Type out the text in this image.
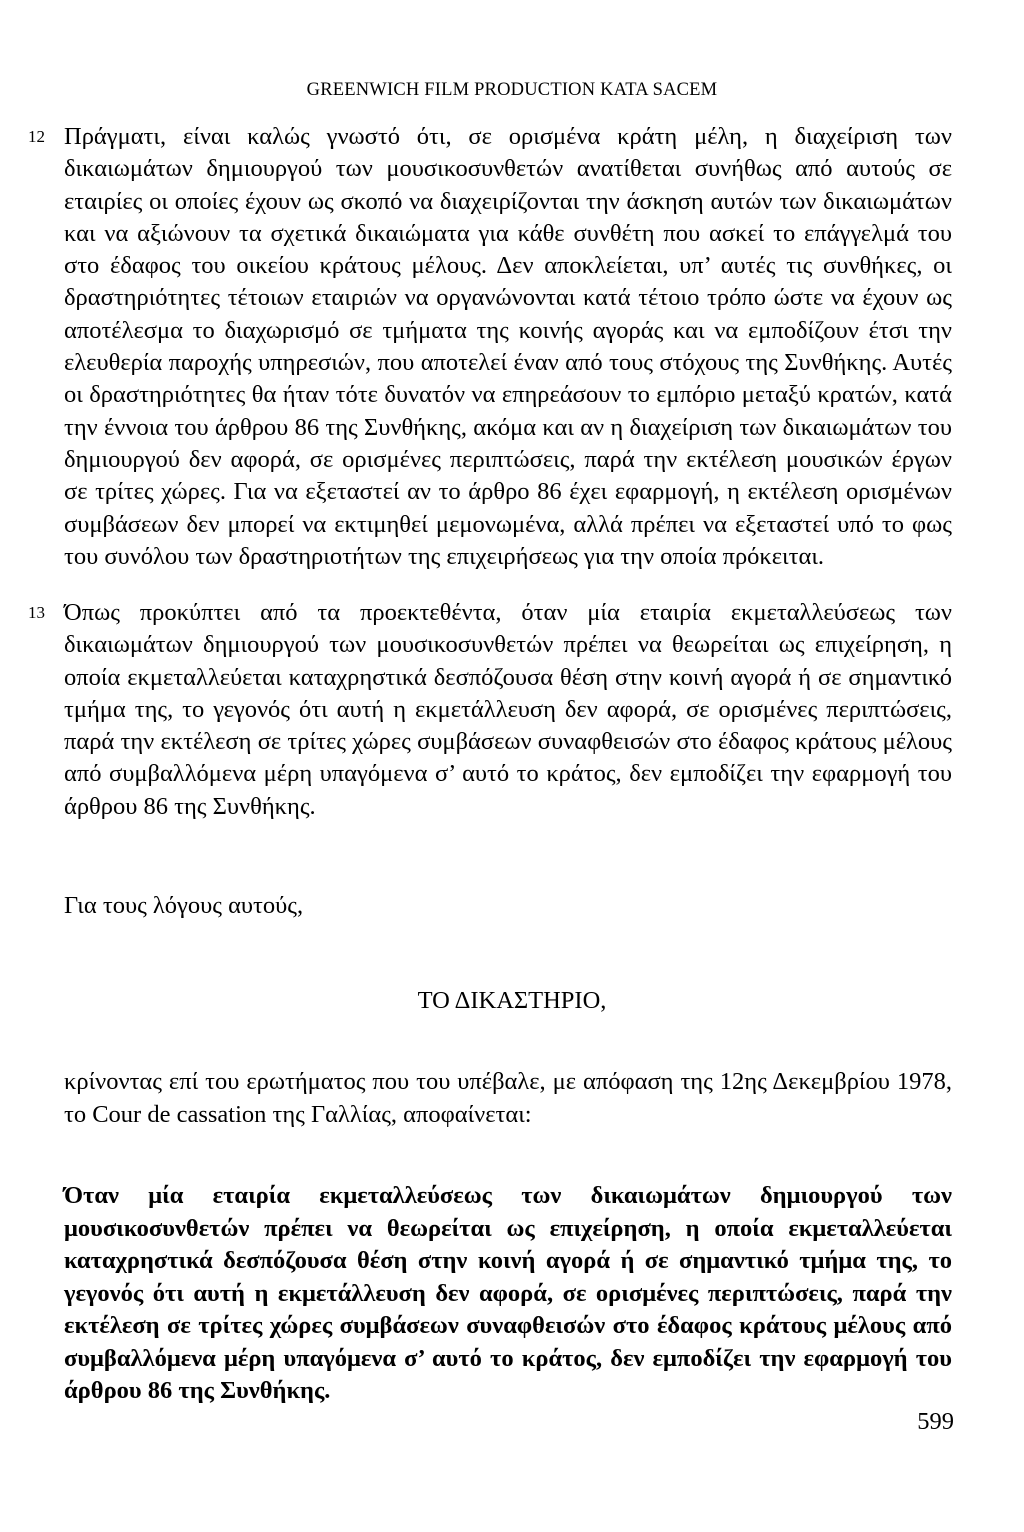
GREENWICH FILM PRODUCTION ΚΑΤΑ SACEM
12 Πράγματι, είναι καλώς γνωστό ότι, σε ορισμένα κράτη μέλη, η διαχείριση των δικαιωμάτων δημιουργού των μουσικοσυνθετών ανατίθεται συνήθως από αυτούς σε εταιρίες οι οποίες έχουν ως σκοπό να διαχειρίζονται την άσκηση αυτών των δικαιωμάτων και να αξιώνουν τα σχετικά δικαιώματα για κάθε συνθέτη που ασκεί το επάγγελμά του στο έδαφος του οικείου κράτους μέλους. Δεν αποκλείεται, υπ’ αυτές τις συνθήκες, οι δραστηριότητες τέτοιων εταιριών να οργανώνονται κατά τέτοιο τρόπο ώστε να έχουν ως αποτέλεσμα το διαχωρισμό σε τμήματα της κοινής αγοράς και να εμποδίζουν έτσι την ελευθερία παροχής υπηρεσιών, που αποτελεί έναν από τους στόχους της Συνθήκης. Αυτές οι δραστηριότητες θα ήταν τότε δυνατόν να επηρεάσουν το εμπόριο μεταξύ κρατών, κατά την έννοια του άρθρου 86 της Συνθήκης, ακόμα και αν η διαχείριση των δικαιωμάτων του δημιουργού δεν αφορά, σε ορισμένες περιπτώσεις, παρά την εκτέλεση μουσικών έργων σε τρίτες χώρες. Για να εξεταστεί αν το άρθρο 86 έχει εφαρμογή, η εκτέλεση ορισμένων συμβάσεων δεν μπορεί να εκτιμηθεί μεμονωμένα, αλλά πρέπει να εξεταστεί υπό το φως του συνόλου των δραστηριοτήτων της επιχειρήσεως για την οποία πρόκειται.

13 Όπως προκύπτει από τα προεκτεθέντα, όταν μία εταιρία εκμεταλλεύσεως των δικαιωμάτων δημιουργού των μουσικοσυνθετών πρέπει να θεωρείται ως επιχείρηση, η οποία εκμεταλλεύεται καταχρηστικά δεσπόζουσα θέση στην κοινή αγορά ή σε σημαντικό τμήμα της, το γεγονός ότι αυτή η εκμετάλλευση δεν αφορά, σε ορισμένες περιπτώσεις, παρά την εκτέλεση σε τρίτες χώρες συμβάσεων συναφθεισών στο έδαφος κράτους μέλους από συμβαλλόμενα μέρη υπαγόμενα σ’ αυτό το κράτος, δεν εμποδίζει την εφαρμογή του άρθρου 86 της Συνθήκης.

Για τους λόγους αυτούς,

ΤΟ ΔΙΚΑΣΤΗΡΙΟ,

κρίνοντας επί του ερωτήματος που του υπέβαλε, με απόφαση της 12ης Δεκεμβρίου 1978, το Cour de cassation της Γαλλίας, αποφαίνεται:

Όταν μία εταιρία εκμεταλλεύσεως των δικαιωμάτων δημιουργού των μουσικοσυνθετών πρέπει να θεωρείται ως επιχείρηση, η οποία εκμεταλλεύεται καταχρηστικά δεσπόζουσα θέση στην κοινή αγορά ή σε σημαντικό τμήμα της, το γεγονός ότι αυτή η εκμετάλλευση δεν αφορά, σε ορισμένες περιπτώσεις, παρά την εκτέλεση σε τρίτες χώρες συμβάσεων συναφθεισών στο έδαφος κράτους μέλους από συμβαλλόμενα μέρη υπαγόμενα σ’ αυτό το κράτος, δεν εμποδίζει την εφαρμογή του άρθρου 86 της Συνθήκης.

599
